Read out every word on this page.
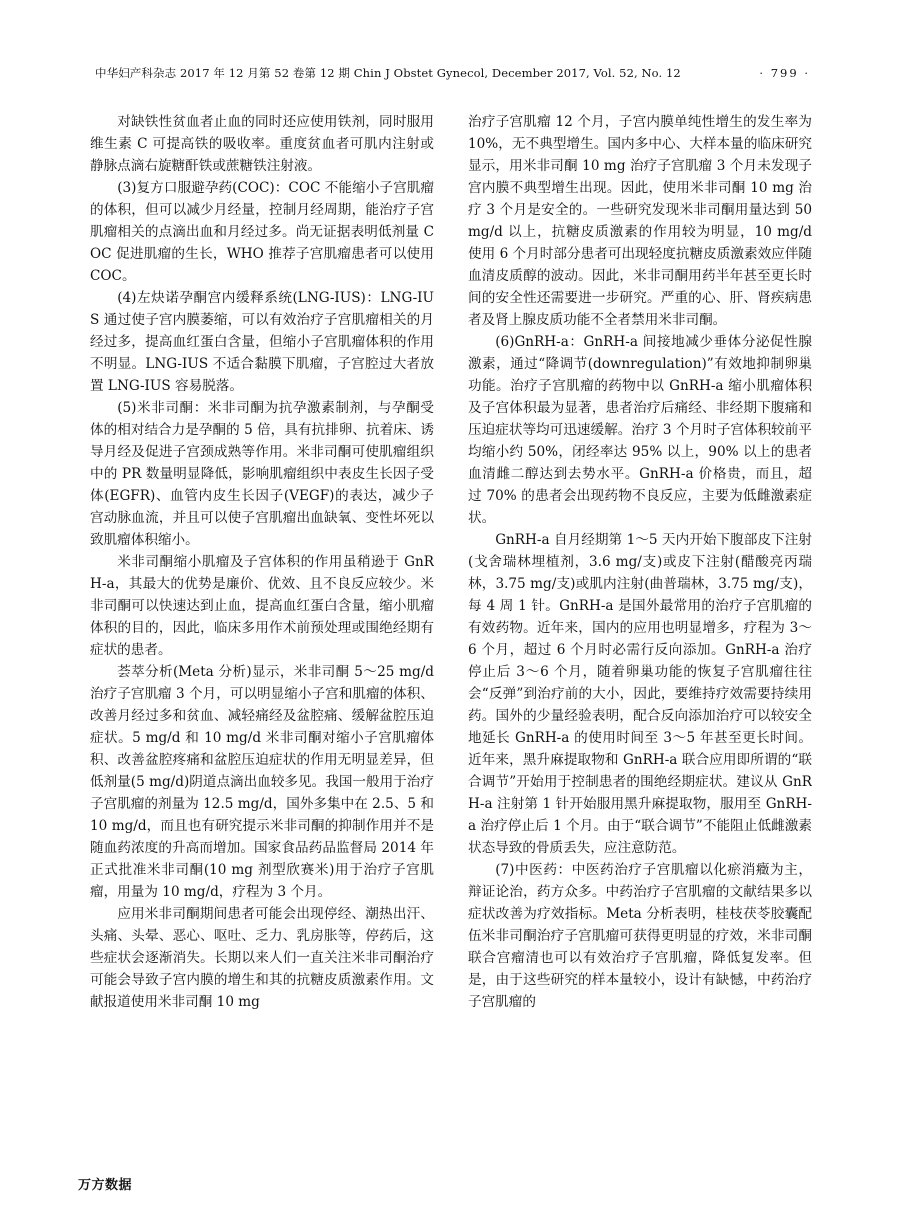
中华妇产科杂志 2017 年 12 月第 52 卷第 12 期 Chin J Obstet Gynecol, December 2017, Vol. 52, No. 12	· 799 ·

对缺铁性贫血者止血的同时还应使用铁剂，同时服用维生素 C 可提高铁的吸收率。重度贫血者可肌内注射或静脉点滴右旋糖酐铁或蔗糖铁注射液。

(3)复方口服避孕药(COC)：COC 不能缩小子宫肌瘤的体积，但可以减少月经量，控制月经周期，能治疗子宫肌瘤相关的点滴出血和月经过多。尚无证据表明低剂量 COC 促进肌瘤的生长，WHO 推荐子宫肌瘤患者可以使用 COC。

(4)左炔诺孕酮宫内缓释系统(LNG-IUS)：LNG-IUS 通过使子宫内膜萎缩，可以有效治疗子宫肌瘤相关的月经过多，提高血红蛋白含量，但缩小子宫肌瘤体积的作用不明显。LNG-IUS 不适合黏膜下肌瘤，子宫腔过大者放置 LNG-IUS 容易脱落。

(5)米非司酮：米非司酮为抗孕激素制剂，与孕酮受体的相对结合力是孕酮的 5 倍，具有抗排卵、抗着床、诱导月经及促进子宫颈成熟等作用。米非司酮可使肌瘤组织中的 PR 数量明显降低，影响肌瘤组织中表皮生长因子受体(EGFR)、血管内皮生长因子(VEGF)的表达，减少子宫动脉血流，并且可以使子宫肌瘤出血缺氧、变性坏死以致肌瘤体积缩小。

米非司酮缩小肌瘤及子宫体积的作用虽稍逊于 GnRH-a，其最大的优势是廉价、优效、且不良反应较少。米非司酮可以快速达到止血，提高血红蛋白含量，缩小肌瘤体积的目的，因此，临床多用作术前预处理或围绝经期有症状的患者。

荟萃分析(Meta 分析)显示，米非司酮 5～25 mg/d 治疗子宫肌瘤 3 个月，可以明显缩小子宫和肌瘤的体积、改善月经过多和贫血、减轻痛经及盆腔痛、缓解盆腔压迫症状。5 mg/d 和 10 mg/d 米非司酮对缩小子宫肌瘤体积、改善盆腔疼痛和盆腔压迫症状的作用无明显差异，但低剂量(5 mg/d)阴道点滴出血较多见。我国一般用于治疗子宫肌瘤的剂量为 12.5 mg/d，国外多集中在 2.5、5 和 10 mg/d，而且也有研究提示米非司酮的抑制作用并不是随血药浓度的升高而增加。国家食品药品监督局 2014 年正式批准米非司酮(10 mg 剂型欣赛米)用于治疗子宫肌瘤，用量为 10 mg/d，疗程为 3 个月。

应用米非司酮期间患者可能会出现停经、潮热出汗、头痛、头晕、恶心、呕吐、乏力、乳房胀等，停药后，这些症状会逐渐消失。长期以来人们一直关注米非司酮治疗可能会导致子宫内膜的增生和其的抗糖皮质激素作用。文献报道使用米非司酮 10 mg

治疗子宫肌瘤 12 个月，子宫内膜单纯性增生的发生率为 10%，无不典型增生。国内多中心、大样本量的临床研究显示，用米非司酮 10 mg 治疗子宫肌瘤 3 个月未发现子宫内膜不典型增生出现。因此，使用米非司酮 10 mg 治疗 3 个月是安全的。一些研究发现米非司酮用量达到 50 mg/d 以上，抗糖皮质激素的作用较为明显，10 mg/d 使用 6 个月时部分患者可出现轻度抗糖皮质激素效应伴随血清皮质醇的波动。因此，米非司酮用药半年甚至更长时间的安全性还需要进一步研究。严重的心、肝、肾疾病患者及肾上腺皮质功能不全者禁用米非司酮。

(6)GnRH-a：GnRH-a 间接地减少垂体分泌促性腺激素，通过“降调节(downregulation)”有效地抑制卵巢功能。治疗子宫肌瘤的药物中以 GnRH-a 缩小肌瘤体积及子宫体积最为显著，患者治疗后痛经、非经期下腹痛和压迫症状等均可迅速缓解。治疗 3 个月时子宫体积较前平均缩小约 50%，闭经率达 95% 以上，90% 以上的患者血清雌二醇达到去势水平。GnRH-a 价格贵，而且，超过 70% 的患者会出现药物不良反应，主要为低雌激素症状。

GnRH-a 自月经期第 1～5 天内开始下腹部皮下注射(戈舍瑞林埋植剂，3.6 mg/支)或皮下注射(醋酸亮丙瑞林，3.75 mg/支)或肌内注射(曲普瑞林，3.75 mg/支)，每 4 周 1 针。GnRH-a 是国外最常用的治疗子宫肌瘤的有效药物。近年来，国内的应用也明显增多，疗程为 3～6 个月，超过 6 个月时必需行反向添加。GnRH-a 治疗停止后 3～6 个月，随着卵巢功能的恢复子宫肌瘤往往会“反弹”到治疗前的大小，因此，要维持疗效需要持续用药。国外的少量经验表明，配合反向添加治疗可以较安全地延长 GnRH-a 的使用时间至 3～5 年甚至更长时间。近年来，黑升麻提取物和 GnRH-a 联合应用即所谓的“联合调节”开始用于控制患者的围绝经期症状。建议从 GnRH-a 注射第 1 针开始服用黑升麻提取物，服用至 GnRH-a 治疗停止后 1 个月。由于“联合调节”不能阻止低雌激素状态导致的骨质丢失，应注意防范。

(7)中医药：中医药治疗子宫肌瘤以化瘀消癥为主，辩证论治，药方众多。中药治疗子宫肌瘤的文献结果多以症状改善为疗效指标。Meta 分析表明，桂枝茯苓胶囊配伍米非司酮治疗子宫肌瘤可获得更明显的疗效，米非司酮联合宫瘤清也可以有效治疗子宫肌瘤，降低复发率。但是，由于这些研究的样本量较小，设计有缺憾，中药治疗子宫肌瘤的

万方数据
